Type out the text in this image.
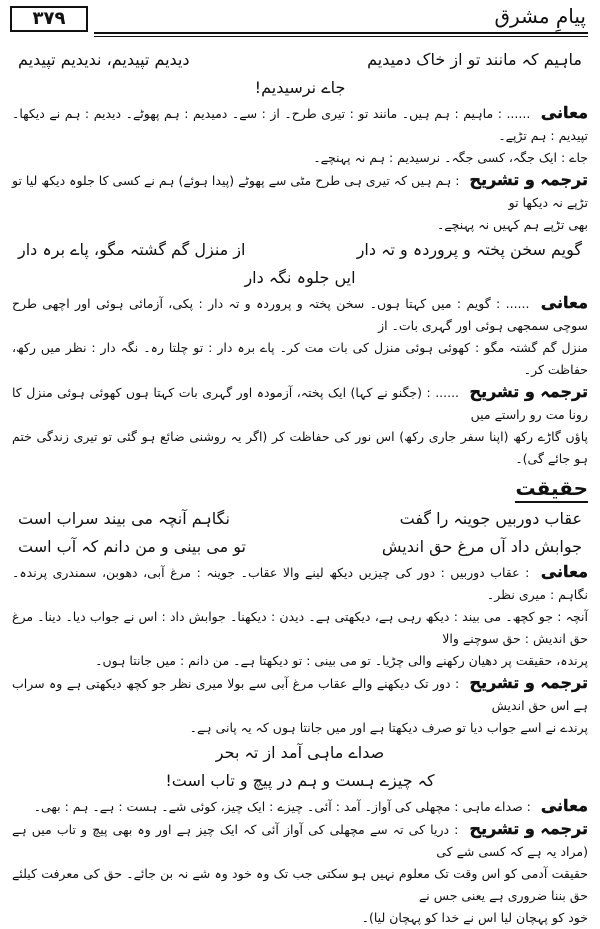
۳۷۹	پیامِ مشرق
ماہیم کہ مانند تو از خاک دمیدیم
دیدیم تپیدیم، ندیدیم تپیدیم
جاے نرسیدیم!
معانی ...... : ماہیم : ہم ہیں۔ مانند تو : تیری طرح۔ از : سے۔ دمیدیم : ہم پھوٹے۔ دیدیم : ہم نے دیکھا۔ تپیدیم : ہم تڑپے۔
جاے : ایک جگہ، کسی جگہ۔ نرسیدیم : ہم نہ پہنچے۔
ترجمہ و تشریح : ہم ہیں کہ تیری ہی طرح مٹی سے پھوٹے (پیدا ہوئے) ہم نے کسی کا جلوہ دیکھ لیا تو تڑپے نہ دیکھا تو
بھی تڑپے ہم کہیں نہ پہنچے۔
گویم سخن پختہ و پروردہ و تہ دار
از منزل گم گشتہ مگو، پاے برہ دار
ایں جلوہ نگہ دار
معانی ...... : گویم : میں کہتا ہوں۔ سخن پختہ و پروردہ و تہ دار : پکی، آزمائی ہوئی اور اچھی طرح سوچی سمجھی ہوئی اور گہری بات۔ از
منزل گم گشتہ مگو : کھوئی ہوئی منزل کی بات مت کر۔ پاے برہ دار : تو چلتا رہ۔ نگہ دار : نظر میں رکھ، حفاظت کر۔
ترجمہ و تشریح ...... : (جگنو نے کہا) ایک پختہ، آزمودہ اور گہری بات کہتا ہوں کھوئی ہوئی منزل کا رونا مت رو راستے میں
پاؤں گاڑے رکھ (اپنا سفر جاری رکھ) اس نور کی حفاظت کر (اگر یہ روشنی ضائع ہو گئی تو تیری زندگی ختم ہو جائے گی)۔
حقیقت
عقاب دوربیں جوینہ را گفت
نگاہم آنچہ می بیند سراب است
جوابش داد آں مرغ حق اندیش
تو می بینی و من دانم کہ آب است
معانی : عقاب دوربیں : دور کی چیزیں دیکھ لینے والا عقاب۔ جوینہ : مرغ آبی، دھوبن، سمندری پرندہ۔ نگاہم : میری نظر۔
آنچہ : جو کچھ۔ می بیند : دیکھ رہی ہے، دیکھتی ہے۔ دیدن : دیکھنا۔ جوابش داد : اس نے جواب دیا۔ دینا۔ مرغ حق اندیش : حق سوچنے والا
پرندہ، حقیقت پر دھیان رکھنے والی چڑیا۔ تو می بینی : تو دیکھتا ہے۔ من دانم : میں جانتا ہوں۔
ترجمہ و تشریح : دور تک دیکھنے والے عقاب مرغ آبی سے بولا میری نظر جو کچھ دیکھتی ہے وہ سراب ہے اس حق اندیش
پرندے نے اسے جواب دیا تو صرف دیکھتا ہے اور میں جانتا ہوں کہ یہ پانی ہے۔
صداے ماہی آمد از تہ بحر
کہ چیزے ہست و ہم در پیچ و تاب است!
معانی : صداے ماہی : مچھلی کی آواز۔ آمد : آئی۔ چیزے : ایک چیز، کوئی شے۔ ہست : ہے۔ ہم : بھی۔
ترجمہ و تشریح : دریا کی تہ سے مچھلی کی آواز آئی کہ ایک چیز ہے اور وہ بھی پیچ و تاب میں ہے (مراد یہ ہے کہ کسی شے کی
حقیقت آدمی کو اس وقت تک معلوم نہیں ہو سکتی جب تک وہ خود وہ شے نہ بن جائے۔ حق کی معرفت کیلئے حق بننا ضروری ہے یعنی جس نے
خود کو پہچان لیا اس نے خدا کو پہچان لیا)۔
